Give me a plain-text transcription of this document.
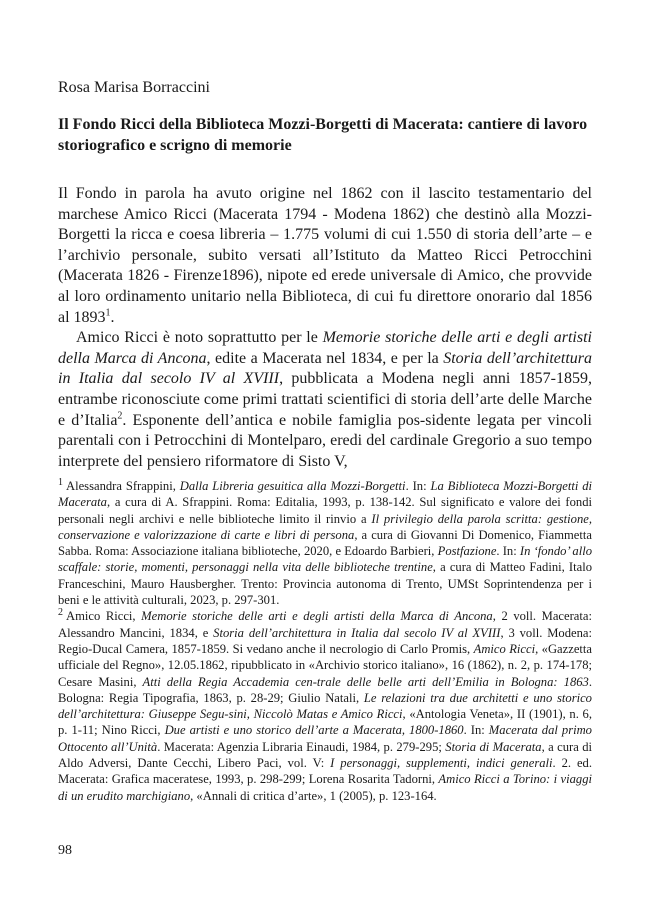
Rosa Marisa Borraccini

Il Fondo Ricci della Biblioteca Mozzi-Borgetti di Macerata: cantiere di lavoro storiografico e scrigno di memorie

Il Fondo in parola ha avuto origine nel 1862 con il lascito testamentario del marchese Amico Ricci (Macerata 1794 - Modena 1862) che destinò alla Mozzi-Borgetti la ricca e coesa libreria – 1.775 volumi di cui 1.550 di storia dell’arte – e l’archivio personale, subito versati all’Istituto da Matteo Ricci Petrocchini (Macerata 1826 - Firenze1896), nipote ed erede universale di Amico, che provvide al loro ordinamento unitario nella Biblioteca, di cui fu direttore onorario dal 1856 al 1893$^1$.

Amico Ricci è noto soprattutto per le Memorie storiche delle arti e degli artisti della Marca di Ancona, edite a Macerata nel 1834, e per la Storia dell’architettura in Italia dal secolo IV al XVIII, pubblicata a Modena negli anni 1857-1859, entrambe riconosciute come primi trattati scientifici di storia dell’arte delle Marche e d’Italia$^2$. Esponente dell’antica e nobile famiglia pos-sidente legata per vincoli parentali con i Petrocchini di Montelparo, eredi del cardinale Gregorio a suo tempo interprete del pensiero riformatore di Sisto V,

$^1$ Alessandra Sfrappini, Dalla Libreria gesuitica alla Mozzi-Borgetti. In: La Biblioteca Mozzi-Borgetti di Macerata, a cura di A. Sfrappini. Roma: Editalia, 1993, p. 138-142. Sul significato e valore dei fondi personali negli archivi e nelle biblioteche limito il rinvio a Il privilegio della parola scritta: gestione, conservazione e valorizzazione di carte e libri di persona, a cura di Giovanni Di Domenico, Fiammetta Sabba. Roma: Associazione italiana biblioteche, 2020, e Edoardo Barbieri, Postfazione. In: In ‘fondo’ allo scaffale: storie, momenti, personaggi nella vita delle biblioteche trentine, a cura di Matteo Fadini, Italo Franceschini, Mauro Hausbergher. Trento: Provincia autonoma di Trento, UMSt Soprintendenza per i beni e le attività culturali, 2023, p. 297-301.

$^2$ Amico Ricci, Memorie storiche delle arti e degli artisti della Marca di Ancona, 2 voll. Macerata: Alessandro Mancini, 1834, e Storia dell’architettura in Italia dal secolo IV al XVIII, 3 voll. Modena: Regio-Ducal Camera, 1857-1859. Si vedano anche il necrologio di Carlo Promis, Amico Ricci, «Gazzetta ufficiale del Regno», 12.05.1862, ripubblicato in «Archivio storico italiano», 16 (1862), n. 2, p. 174-178; Cesare Masini, Atti della Regia Accademia cen-trale delle belle arti dell’Emilia in Bologna: 1863. Bologna: Regia Tipografia, 1863, p. 28-29; Giulio Natali, Le relazioni tra due architetti e uno storico dell’architettura: Giuseppe Segu-sini, Niccolò Matas e Amico Ricci, «Antologia Veneta», II (1901), n. 6, p. 1-11; Nino Ricci, Due artisti e uno storico dell’arte a Macerata, 1800-1860. In: Macerata dal primo Ottocento all’Unità. Macerata: Agenzia Libraria Einaudi, 1984, p. 279-295; Storia di Macerata, a cura di Aldo Adversi, Dante Cecchi, Libero Paci, vol. V: I personaggi, supplementi, indici generali. 2. ed. Macerata: Grafica maceratese, 1993, p. 298-299; Lorena Rosarita Tadorni, Amico Ricci a Torino: i viaggi di un erudito marchigiano, «Annali di critica d’arte», 1 (2005), p. 123-164.

98
